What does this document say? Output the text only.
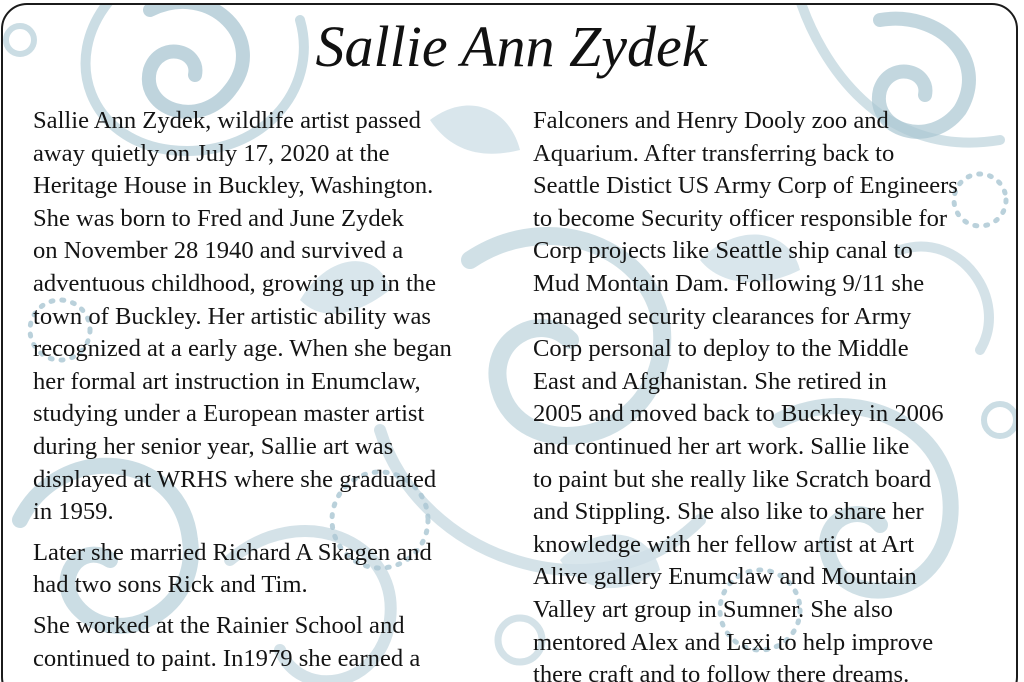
Sallie Ann Zydek

Sallie Ann Zydek, wildlife artist passed
away quietly on July 17, 2020 at the
Heritage House in Buckley, Washington.
She was born to Fred and June Zydek
on November 28 1940 and survived a
adventuous childhood, growing up in the
town of Buckley. Her artistic ability was
recognized at a early age. When she began
her formal art instruction in Enumclaw,
studying under a European master artist
during her senior year, Sallie art was
displayed at WRHS where she graduated
in 1959.

Later she married Richard A Skagen and
had two sons Rick and Tim.

She worked at the Rainier School and
continued to paint. In1979 she earned a

Falconers and Henry Dooly zoo and
Aquarium. After transferring back to
Seattle Distict US Army Corp of Engineers
to become Security officer responsible for
Corp projects like Seattle ship canal to
Mud Montain Dam. Following 9/11 she
managed security clearances for Army
Corp personal to deploy to the Middle
East and Afghanistan. She retired in
2005 and moved back to Buckley in 2006
and continued her art work. Sallie like
to paint but she really like Scratch board
and Stippling. She also like to share her
knowledge with her fellow artist at Art
Alive gallery Enumclaw and Mountain
Valley art group in Sumner. She also
mentored Alex and Lexi to help improve
there craft and to follow there dreams.
